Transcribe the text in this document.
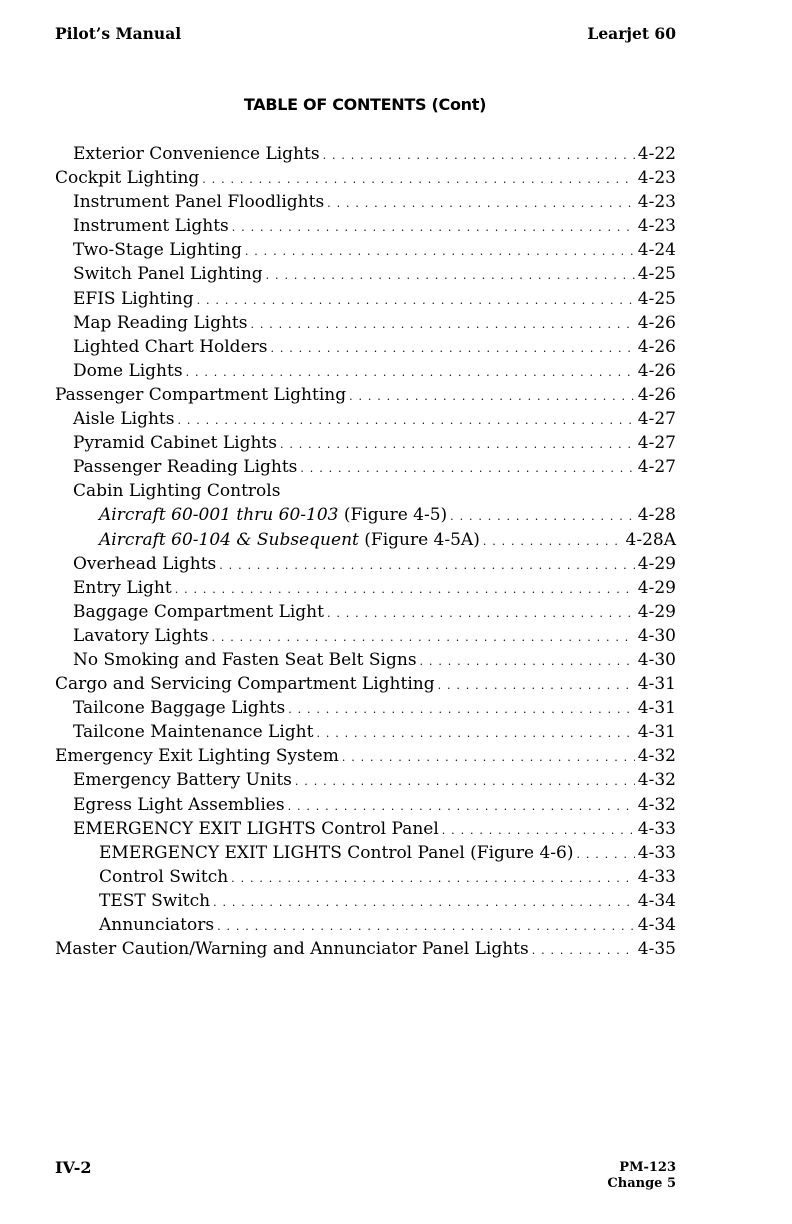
Pilot’s Manual	Learjet 60
TABLE OF CONTENTS (Cont)
Exterior Convenience Lights . . .	4-22
Cockpit Lighting . . .	4-23
Instrument Panel Floodlights . . .	4-23
Instrument Lights . . .	4-23
Two-Stage Lighting . . .	4-24
Switch Panel Lighting . . .	4-25
EFIS Lighting . . .	4-25
Map Reading Lights . . .	4-26
Lighted Chart Holders . . .	4-26
Dome Lights . . .	4-26
Passenger Compartment Lighting . . .	4-26
Aisle Lights . . .	4-27
Pyramid Cabinet Lights . . .	4-27
Passenger Reading Lights . . .	4-27
Cabin Lighting Controls
Aircraft 60-001 thru 60-103 (Figure 4-5) . . .	4-28
Aircraft 60-104 & Subsequent (Figure 4-5A) . . .	4-28A
Overhead Lights . . .	4-29
Entry Light . . .	4-29
Baggage Compartment Light . . .	4-29
Lavatory Lights . . .	4-30
No Smoking and Fasten Seat Belt Signs . . .	4-30
Cargo and Servicing Compartment Lighting . . .	4-31
Tailcone Baggage Lights . . .	4-31
Tailcone Maintenance Light . . .	4-31
Emergency Exit Lighting System . . .	4-32
Emergency Battery Units . . .	4-32
Egress Light Assemblies . . .	4-32
EMERGENCY EXIT LIGHTS Control Panel . . .	4-33
EMERGENCY EXIT LIGHTS Control Panel (Figure 4-6) . . .	4-33
Control Switch . . .	4-33
TEST Switch . . .	4-34
Annunciators . . .	4-34
Master Caution/Warning and Annunciator Panel Lights . . .	4-35
IV-2	PM-123
Change 5
